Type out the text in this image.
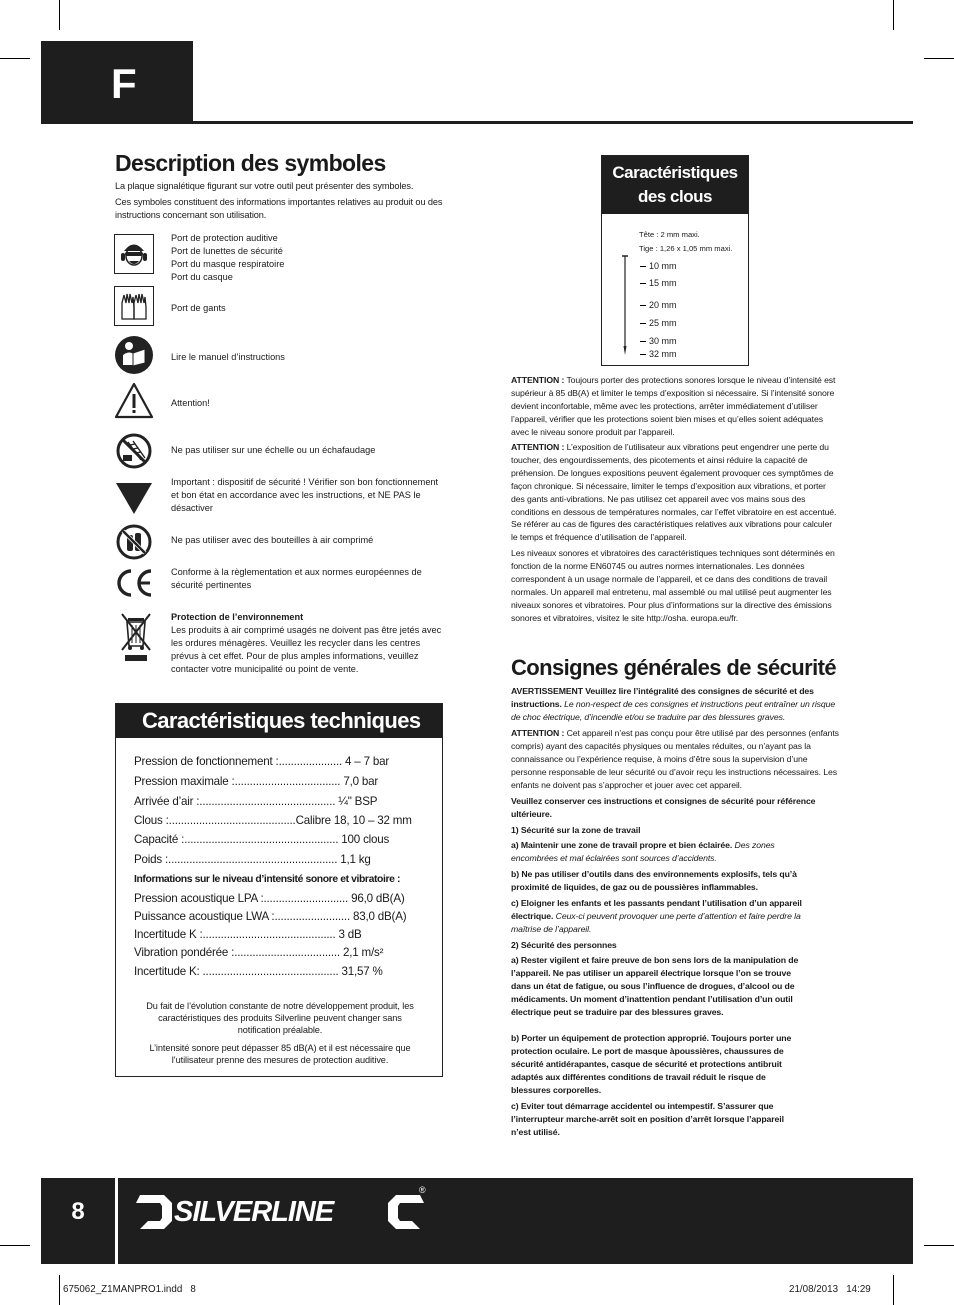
F
Description des symboles
La plaque signalétique figurant sur votre outil peut présenter des symboles.
Ces symboles constituent des informations importantes relatives au produit ou des instructions concernant son utilisation.
Port de protection auditive
Port de lunettes de sécurité
Port du masque respiratoire
Port du casque
Port de gants
Lire le manuel d’instructions
Attention!
Ne pas utiliser sur une échelle ou un échafaudage
Important : dispositif de sécurité ! Vérifier son bon fonctionnement et bon état en accordance avec les instructions, et NE PAS le désactiver
Ne pas utiliser avec des bouteilles à air comprimé
Conforme à la règlementation et aux normes européennes de sécurité pertinentes
Protection de l’environnement
Les produits à air comprimé usagés ne doivent pas être jetés avec les ordures ménagères. Veuillez les recycler dans les centres prévus à cet effet. Pour de plus amples informations, veuillez contacter votre municipalité ou point de vente.
Caractéristiques techniques
Pression de fonctionnement :..................... 4 – 7 bar
Pression maximale :................................... 7,0 bar
Arrivée d’air :............................................. ¼" BSP
Clous :..........................................Calibre 18, 10 – 32 mm
Capacité :................................................... 100 clous
Poids :........................................................ 1,1 kg
Informations sur le niveau d’intensité sonore et vibratoire :
Pression acoustique LPA :............................ 96,0 dB(A)
Puissance acoustique LWA :......................... 83,0 dB(A)
Incertitude K :............................................ 3 dB
Vibration pondérée :................................... 2,1 m/s²
Incertitude K: ............................................. 31,57 %
Du fait de l’évolution constante de notre développement produit, les caractéristiques des produits Silverline peuvent changer sans notification préalable.
L’intensité sonore peut dépasser 85 dB(A) et il est nécessaire que l’utilisateur prenne des mesures de protection auditive.
Caractéristiques
des clous
Tête : 2 mm maxi.
Tige : 1,26 x 1,05 mm maxi.
10 mm
15 mm
20 mm
25 mm
30 mm
32 mm
ATTENTION : Toujours porter des protections sonores lorsque le niveau d’intensité est supérieur à 85 dB(A) et limiter le temps d’exposition si nécessaire. Si l’intensité sonore devient inconfortable, même avec les protections, arrêter immédiatement d’utiliser l’appareil, vérifier que les protections soient bien mises et qu’elles soient adéquates avec le niveau sonore produit par l’appareil.
ATTENTION : L’exposition de l’utilisateur aux vibrations peut engendrer une perte du toucher, des engourdissements, des picotements et ainsi réduire la capacité de préhension. De longues expositions peuvent également provoquer ces symptômes de façon chronique. Si nécessaire, limiter le temps d’exposition aux vibrations, et porter des gants anti-vibrations. Ne pas utilisez cet appareil avec vos mains sous des conditions en dessous de températures normales, car l’effet vibratoire en est accentué. Se référer au cas de figures des caractéristiques relatives aux vibrations pour calculer le temps et fréquence d’utilisation de l’appareil.
Les niveaux sonores et vibratoires des caractéristiques techniques sont déterminés en fonction de la norme EN60745 ou autres normes internationales. Les données correspondent à un usage normale de l’appareil, et ce dans des conditions de travail normales. Un appareil mal entretenu, mal assemblé ou mal utilisé peut augmenter les niveaux sonores et vibratoires. Pour plus d’informations sur la directive des émissions sonores et vibratoires, visitez le site http://osha. europa.eu/fr.
Consignes générales de sécurité
AVERTISSEMENT Veuillez lire l’intégralité des consignes de sécurité et des instructions. Le non-respect de ces consignes et instructions peut entraîner un risque de choc électrique, d’incendie et/ou se traduire par des blessures graves.
ATTENTION : Cet appareil n’est pas conçu pour être utilisé par des personnes (enfants compris) ayant des capacités physiques ou mentales réduites, ou n’ayant pas la connaissance ou l’expérience requise, à moins d’être sous la supervision d’une personne responsable de leur sécurité ou d’avoir reçu les instructions nécessaires. Les enfants ne doivent pas s’approcher et jouer avec cet appareil.
Veuillez conserver ces instructions et consignes de sécurité pour référence ultérieure.
1) Sécurité sur la zone de travail
a) Maintenir une zone de travail propre et bien éclairée. Des zones encombrées et mal éclairées sont sources d’accidents.
b) Ne pas utiliser d’outils dans des environnements explosifs, tels qu’à proximité de liquides, de gaz ou de poussières inflammables.
c) Eloigner les enfants et les passants pendant l’utilisation d’un appareil électrique. Ceux-ci peuvent provoquer une perte d’attention et faire perdre la maîtrise de l’appareil.
2) Sécurité des personnes
a) Rester vigilent et faire preuve de bon sens lors de la manipulation de l’appareil. Ne pas utiliser un appareil électrique lorsque l’on se trouve dans un état de fatigue, ou sous l’influence de drogues, d’alcool ou de médicaments. Un moment d’inattention pendant l’utilisation d’un outil électrique peut se traduire par des blessures graves.
b) Porter un équipement de protection approprié. Toujours porter une protection oculaire. Le port de masque àpoussières, chaussures de sécurité antidérapantes, casque de sécurité et protections antibruit adaptés aux différentes conditions de travail réduit le risque de blessures corporelles.
c) Eviter tout démarrage accidentel ou intempestif. S’assurer que l’interrupteur marche-arrêt soit en position d’arrêt lorsque l’appareil n’est utilisé.
8	SILVERLINE
®
675062_Z1MANPRO1.indd   8	21/08/2013   14:29
